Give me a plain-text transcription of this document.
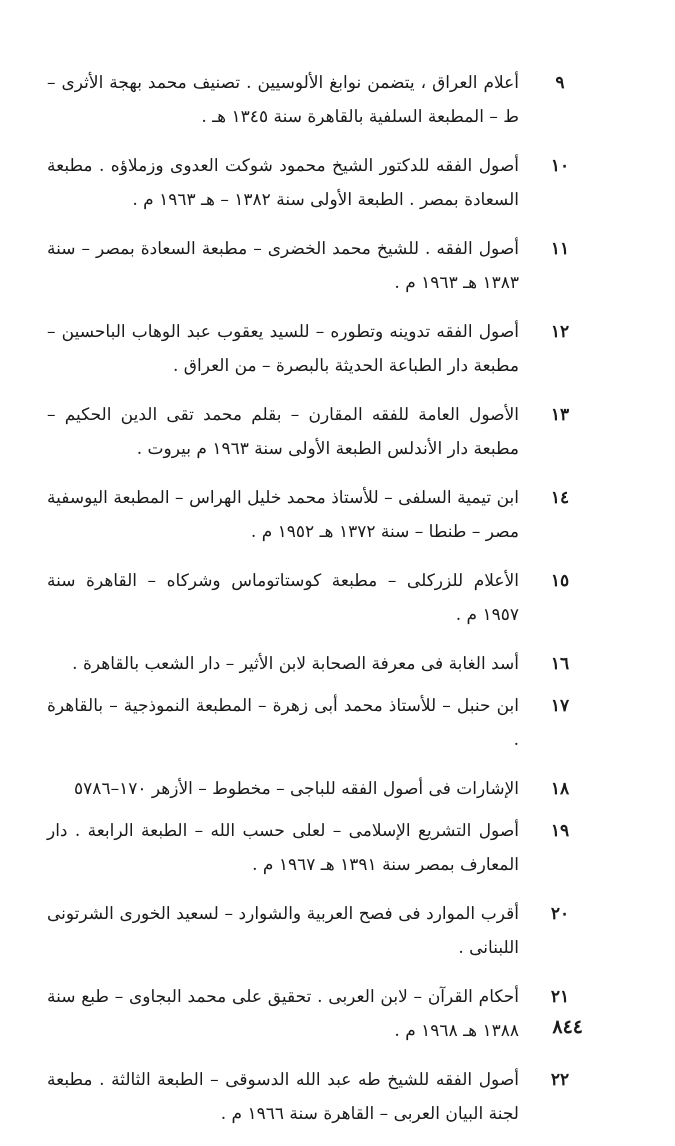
٩
أعلام العراق ، يتضمن نوابغ الألوسيين . تصنيف محمد بهجة الأثرى – ط – المطبعة السلفية بالقاهرة سنة ١٣٤٥ هـ .
١٠
أصول الفقه للدكتور الشيخ محمود شوكت العدوى وزملاؤه . مطبعة السعادة بمصر . الطبعة الأولى سنة ١٣٨٢ – هـ ١٩٦٣ م .
١١
أصول الفقه . للشيخ محمد الخضرى – مطبعة السعادة بمصر – سنة ١٣٨٣ هـ ١٩٦٣ م .
١٢
أصول الفقه تدوينه وتطوره – للسيد يعقوب عبد الوهاب الباحسين – مطبعة دار الطباعة الحديثة بالبصرة – من العراق .
١٣
الأصول العامة للفقه المقارن – بقلم محمد تقى الدين الحكيم – مطبعة دار الأندلس الطبعة الأولى سنة ١٩٦٣ م بيروت .
١٤
ابن تيمية السلفى – للأستاذ محمد خليل الهراس – المطبعة اليوسفية مصر – طنطا – سنة ١٣٧٢ هـ ١٩٥٢ م .
١٥
الأعلام للزركلى – مطبعة كوستاتوماس وشركاه – القاهرة سنة ١٩٥٧ م .
١٦
أسد الغابة فى معرفة الصحابة لابن الأثير – دار الشعب بالقاهرة .
١٧
ابن حنبل – للأستاذ محمد أبى زهرة – المطبعة النموذجية – بالقاهرة .
١٨
الإشارات فى أصول الفقه للباجى – مخطوط – الأزهر ١٧٠–٥٧٨٦
١٩
أصول التشريع الإسلامى – لعلى حسب الله – الطبعة الرابعة . دار المعارف بمصر سنة ١٣٩١ هـ ١٩٦٧ م .
٢٠
أقرب الموارد فى فصح العربية والشوارد – لسعيد الخورى الشرتونى اللبنانى .
٢١
أحكام القرآن – لابن العربى . تحقيق على محمد البجاوى – طبع سنة ١٣٨٨ هـ ١٩٦٨ م .
٢٢
أصول الفقه للشيخ طه عبد الله الدسوقى – الطبعة الثالثة . مطبعة لجنة البيان العربى – القاهرة سنة ١٩٦٦ م .
٨٤٤
